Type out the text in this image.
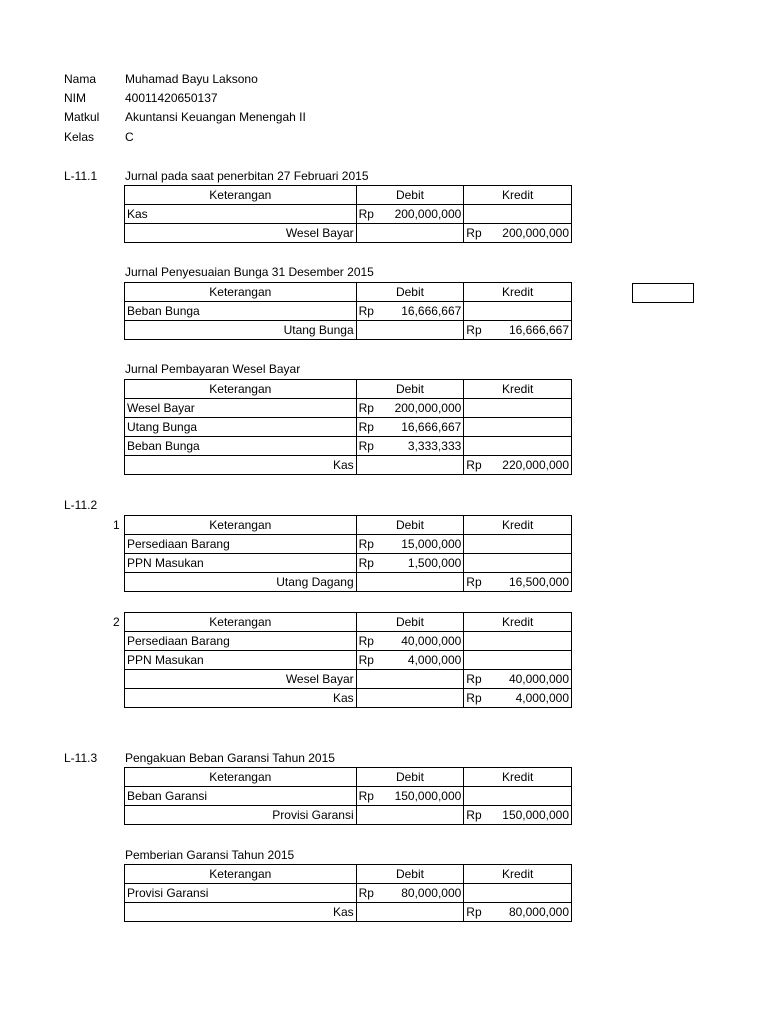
Nama Muhamad Bayu Laksono
NIM	40011420650137
Matkul Akuntansi Keuangan Menengah II
Kelas	C
L-11.1 Jurnal pada saat penerbitan 27 Februari 2015
Keterangan	Debit	Kredit
Kas	Rp 200,000,000	

Wesel Bayar		Rp 200,000,000
Jurnal Penyesuaian Bunga 31 Desember 2015
Keterangan	Debit	Kredit
Beban Bunga	Rp 16,666,667	

Utang Bunga		Rp 16,666,667
Jurnal Pembayaran Wesel Bayar
Keterangan	Debit	Kredit
Wesel Bayar	Rp 200,000,000	

Utang Bunga	Rp 16,666,667	

Beban Bunga	Rp 3,333,333	

Kas		Rp 220,000,000
L-11.2
1	Keterangan	Debit	Kredit
Persediaan Barang	Rp 15,000,000	

PPN Masukan	Rp 1,500,000	

Utang Dagang		Rp 16,500,000
2	Keterangan	Debit	Kredit
Persediaan Barang	Rp 40,000,000	

PPN Masukan	Rp 4,000,000	

Wesel Bayar		Rp 40,000,000

Kas		Rp 4,000,000
L-11.3 Pengakuan Beban Garansi Tahun 2015
Keterangan	Debit	Kredit
Beban Garansi	Rp 150,000,000	

Provisi Garansi		Rp 150,000,000
Pemberian Garansi Tahun 2015
Keterangan	Debit	Kredit
Provisi Garansi	Rp 80,000,000	

Kas		Rp 80,000,000
